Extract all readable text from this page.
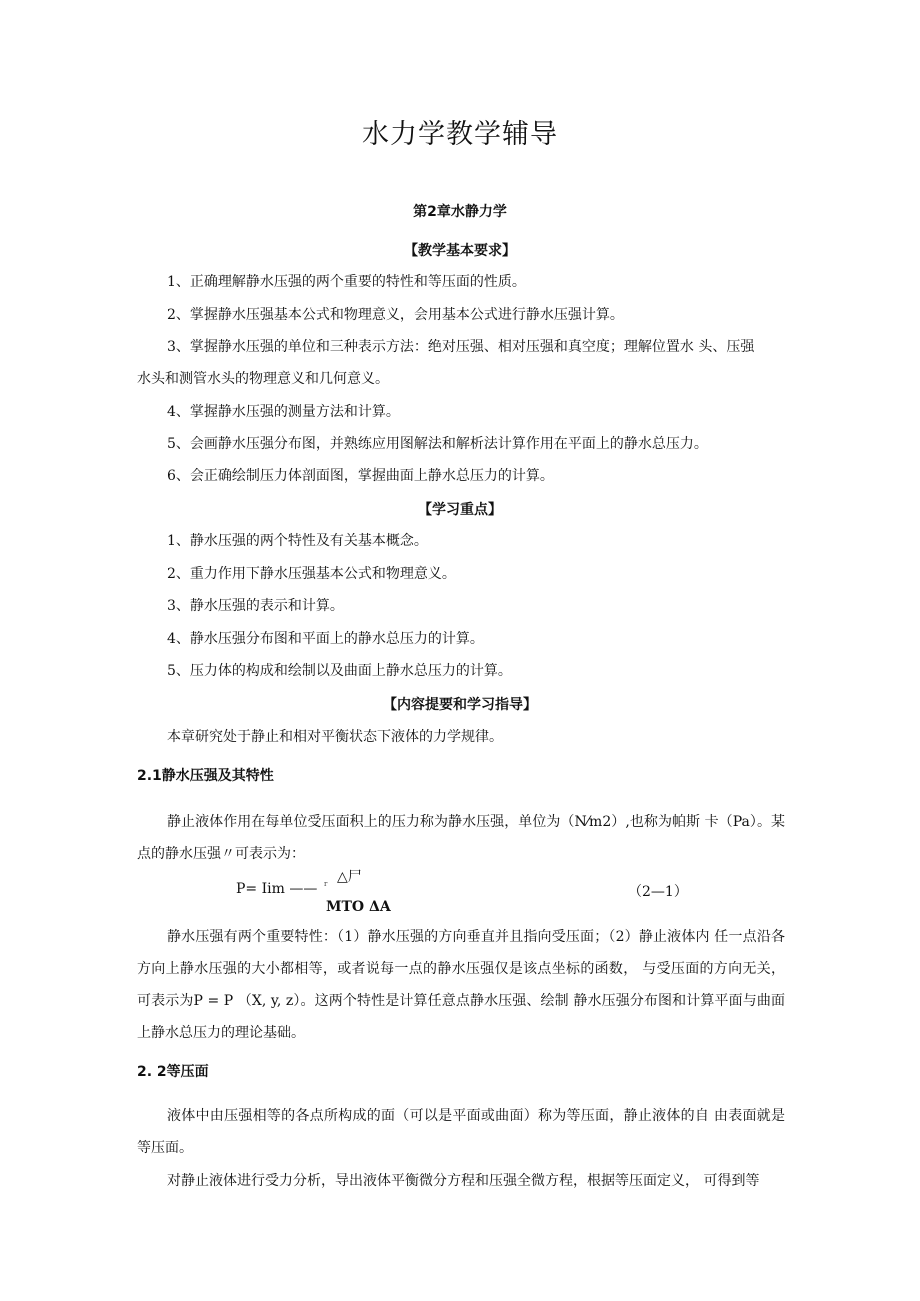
水力学教学辅导
第2章水静力学
【教学基本要求】
1、正确理解静水压强的两个重要的特性和等压面的性质。
2、掌握静水压强基本公式和物理意义，会用基本公式进行静水压强计算。
3、掌握静水压强的单位和三种表示方法：绝对压强、相对压强和真空度；理解位置水 头、压强
水头和测管水头的物理意义和几何意义。
4、掌握静水压强的测量方法和计算。
5、会画静水压强分布图，并熟练应用图解法和解析法计算作用在平面上的静水总压力。
6、会正确绘制压力体剖面图，掌握曲面上静水总压力的计算。
【学习重点】
1、静水压强的两个特性及有关基本概念。
2、重力作用下静水压强基本公式和物理意义。
3、静水压强的表示和计算。
4、静水压强分布图和平面上的静水总压力的计算。
5、压力体的构成和绘制以及曲面上静水总压力的计算。
【内容提要和学习指导】
本章研究处于静止和相对平衡状态下液体的力学规律。
2.1静水压强及其特性

静止液体作用在每单位受压面积上的压力称为静水压强，单位为（N⁄m2）,也称为帕斯 卡（Pa）。某点的静水压强〃可表示为：

P= Iim —— r △尸
MTO ΔA
（2—1）

静水压强有两个重要特性：（1）静水压强的方向垂直并且指向受压面；（2）静止液体内 任一点沿各方向上静水压强的大小都相等，或者说每一点的静水压强仅是该点坐标的函数， 与受压面的方向无关，可表示为P = P （X, y, z）。这两个特性是计算任意点静水压强、绘制 静水压强分布图和计算平面与曲面上静水总压力的理论基础。

2. 2等压面

液体中由压强相等的各点所构成的面（可以是平面或曲面）称为等压面，静止液体的自 由表面就是等压面。

对静止液体进行受力分析，导出液体平衡微分方程和压强全微方程，根据等压面定义， 可得到等
